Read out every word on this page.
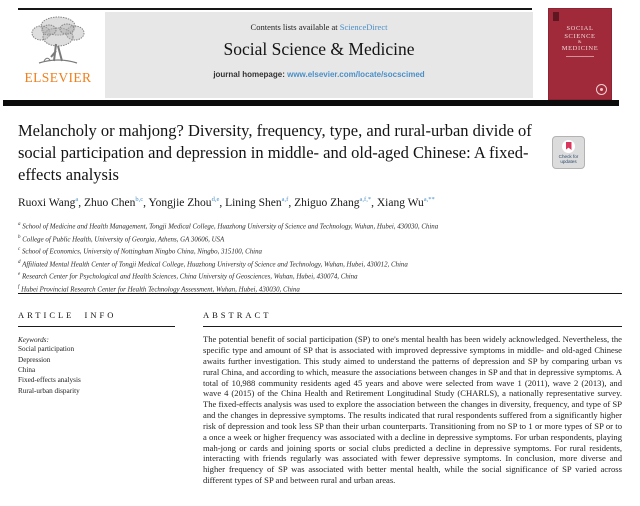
ELSEVIER
Contents lists available at ScienceDirect
Social Science & Medicine
journal homepage: www.elsevier.com/locate/socscimed
SOCIAL
SCIENCE
&
MEDICINE
Melancholy or mahjong? Diversity, frequency, type, and rural-urban divide of social participation and depression in middle- and old-aged Chinese: A fixed-effects analysis
Check for updates
Ruoxi Wang$^a$, Zhuo Chen$^{b,c}$, Yongjie Zhou$^{d,e}$, Lining Shen$^{a,f}$, Zhiguo Zhang$^{a,f,*}$, Xiang $Wu^{a,**}$
$^a$ School of Medicine and Health Management, Tongji Medical College, Huazhong University of Science and Technology, Wuhan, Hubei, 430030, China
$^b$ College of Public Health, University of Georgia, Athens, GA 30606, USA
$^c$ School of Economics, University of Nottingham Ningbo China, Ningbo, 315100, China
$^d$ Affiliated Mental Health Center of Tongji Medical College, Huazhong University of Science and Technology, Wuhan, Hubei, 430012, China
$^e$ Research Center for Psychological and Health Sciences, China University of Geosciences, Wuhan, Hubei, 430074, China
$^f$ Hubei Provincial Research Center for Health Technology Assessment, Wuhan, Hubei, 430030, China
ARTICLE INFO
Keywords:
Social participation
Depression
China
Fixed-effects analysis
Rural-urban disparity
ABSTRACT

The potential benefit of social participation (SP) to one's mental health has been widely acknowledged. Nevertheless, the specific type and amount of SP that is associated with improved depressive symptoms in middle- and old-aged Chinese awaits further investigation. This study aimed to understand the patterns of depression and SP by comparing urban vs rural China, and according to which, measure the associations between changes in SP and that in depressive symptoms. A total of 10,988 community residents aged 45 years and above were selected from wave 1 (2011), wave 2 (2013), and wave 4 (2015) of the China Health and Retirement Longitudinal Study (CHARLS), a nationally representative survey. The fixed-effects analysis was used to explore the association between the changes in diversity, frequency, and type of SP and the changes in depressive symptoms. The results indicated that rural respondents suffered from a significantly higher risk of depression and took less SP than their urban counterparts. Transitioning from no SP to 1 or more types of SP or to a once a week or higher frequency was associated with a decline in depressive symptoms. For urban respondents, playing mah-jong or cards and joining sports or social clubs predicted a decline in depressive symptoms. For rural residents, interacting with friends regularly was associated with fewer depressive symptoms. In conclusion, more diverse and higher frequency of SP was associated with better mental health, while the social significance of SP varied across different types of SP and between rural and urban areas.
